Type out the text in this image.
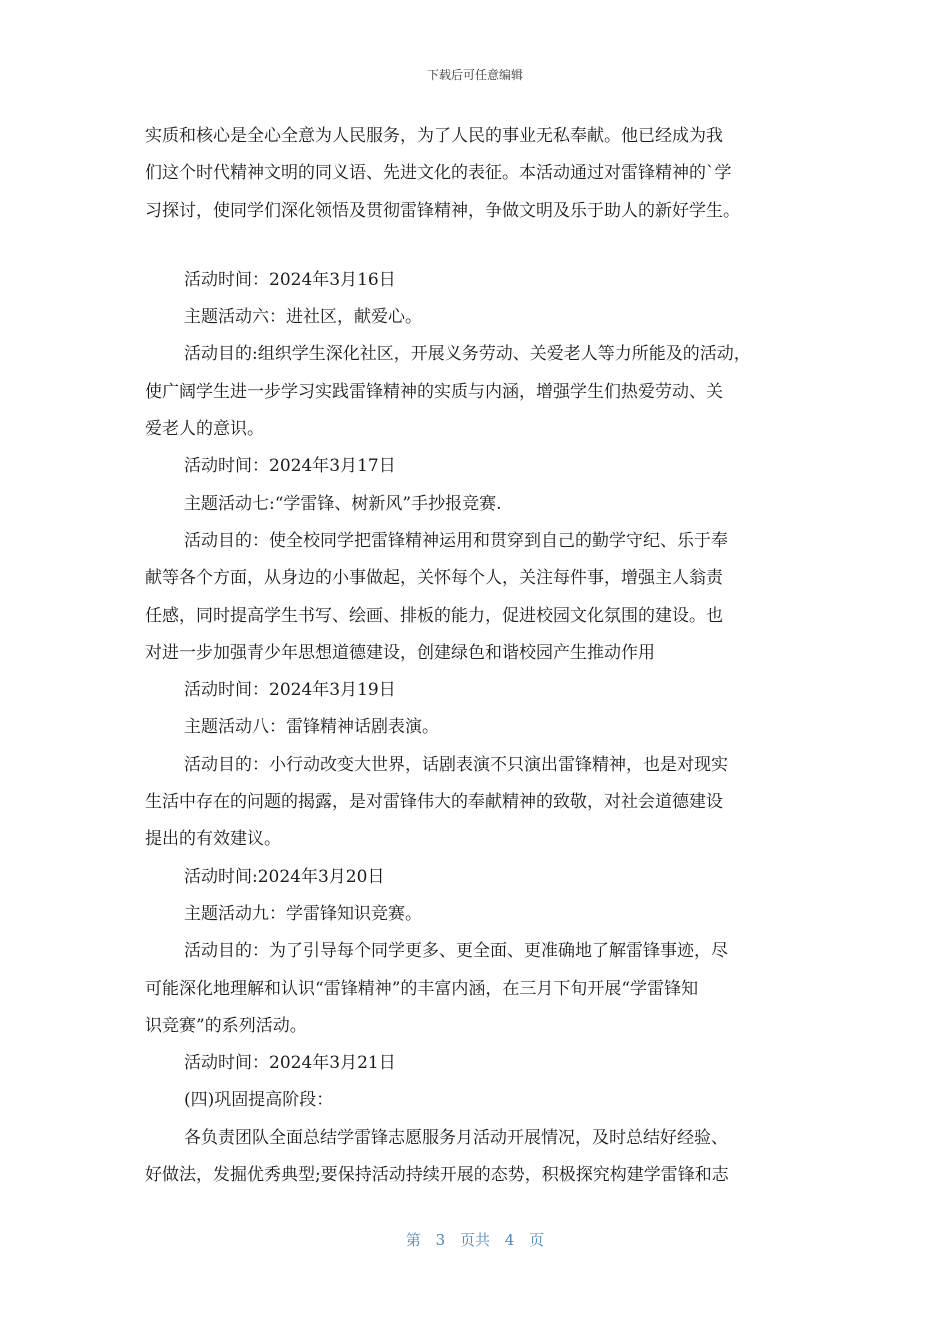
下载后可任意编辑
实质和核心是全心全意为人民服务，为了人民的事业无私奉献。他已经成为我
们这个时代精神文明的同义语、先进文化的表征。本活动通过对雷锋精神的`学
习探讨，使同学们深化领悟及贯彻雷锋精神，争做文明及乐于助人的新好学生。
活动时间：2024年3月16日
主题活动六：进社区，献爱心。
活动目的:组织学生深化社区，开展义务劳动、关爱老人等力所能及的活动，
使广阔学生进一步学习实践雷锋精神的实质与内涵，增强学生们热爱劳动、关
爱老人的意识。
活动时间：2024年3月17日
主题活动七:“学雷锋、树新风”手抄报竞赛.
活动目的：使全校同学把雷锋精神运用和贯穿到自己的勤学守纪、乐于奉
献等各个方面，从身边的小事做起，关怀每个人，关注每件事，增强主人翁责
任感，同时提高学生书写、绘画、排板的能力，促进校园文化氛围的建设。也
对进一步加强青少年思想道德建设，创建绿色和谐校园产生推动作用
活动时间：2024年3月19日
主题活动八：雷锋精神话剧表演。
活动目的：小行动改变大世界，话剧表演不只演出雷锋精神，也是对现实
生活中存在的问题的揭露，是对雷锋伟大的奉献精神的致敬，对社会道德建设
提出的有效建议。
活动时间:2024年3月20日
主题活动九：学雷锋知识竞赛。
活动目的：为了引导每个同学更多、更全面、更准确地了解雷锋事迹，尽
可能深化地理解和认识“雷锋精神”的丰富内涵，在三月下旬开展“学雷锋知
识竞赛”的系列活动。
活动时间：2024年3月21日
(四)巩固提高阶段：
各负责团队全面总结学雷锋志愿服务月活动开展情况，及时总结好经验、
好做法，发掘优秀典型;要保持活动持续开展的态势，积极探究构建学雷锋和志
第 3 页共 4 页
